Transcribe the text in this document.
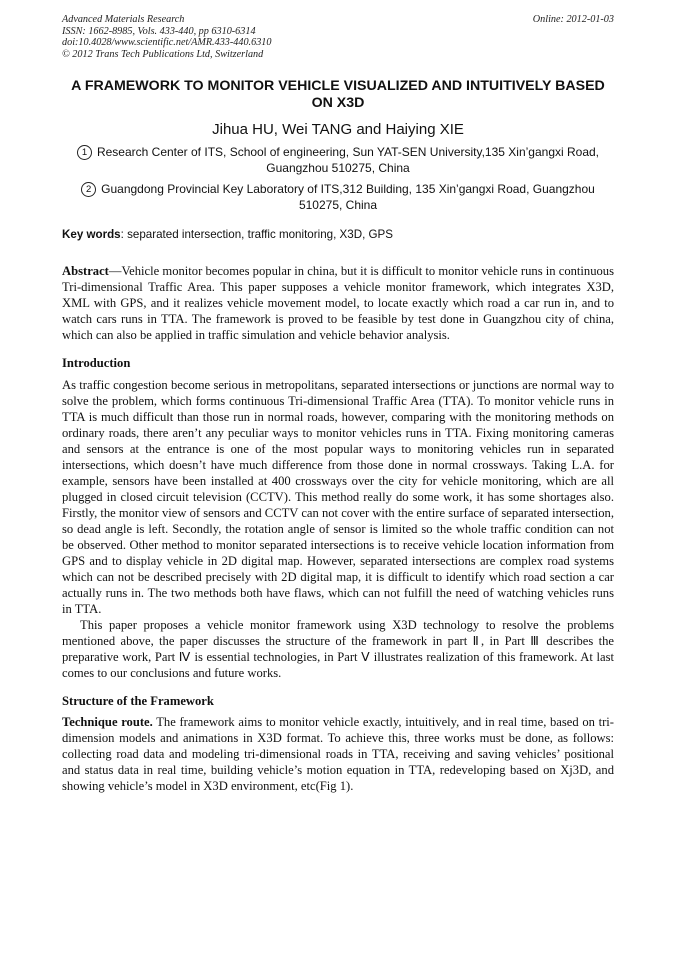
Advanced Materials Research
ISSN: 1662-8985, Vols. 433-440, pp 6310-6314
doi:10.4028/www.scientific.net/AMR.433-440.6310
© 2012 Trans Tech Publications Ltd, Switzerland
Online: 2012-01-03
A FRAMEWORK TO MONITOR VEHICLE VISUALIZED AND INTUITIVELY BASED ON X3D
Jihua HU, Wei TANG and Haiying XIE
1 Research Center of ITS, School of engineering, Sun YAT-SEN University,135 Xin’gangxi Road, Guangzhou 510275, China
2 Guangdong Provincial Key Laboratory of ITS,312 Building, 135 Xin’gangxi Road, Guangzhou 510275, China
Key words: separated intersection, traffic monitoring, X3D, GPS
Abstract—Vehicle monitor becomes popular in china, but it is difficult to monitor vehicle runs in continuous Tri-dimensional Traffic Area. This paper supposes a vehicle monitor framework, which integrates X3D, XML with GPS, and it realizes vehicle movement model, to locate exactly which road a car run in, and to watch cars runs in TTA. The framework is proved to be feasible by test done in Guangzhou city of china, which can also be applied in traffic simulation and vehicle behavior analysis.
Introduction
As traffic congestion become serious in metropolitans, separated intersections or junctions are normal way to solve the problem, which forms continuous Tri-dimensional Traffic Area (TTA). To monitor vehicle runs in TTA is much difficult than those run in normal roads, however, comparing with the monitoring methods on ordinary roads, there aren’t any peculiar ways to monitor vehicles runs in TTA. Fixing monitoring cameras and sensors at the entrance is one of the most popular ways to monitoring vehicles run in separated intersections, which doesn’t have much difference from those done in normal crossways. Taking L.A. for example, sensors have been installed at 400 crossways over the city for vehicle monitoring, which are all plugged in closed circuit television (CCTV). This method really do some work, it has some shortages also. Firstly, the monitor view of sensors and CCTV can not cover with the entire surface of separated intersection, so dead angle is left. Secondly, the rotation angle of sensor is limited so the whole traffic condition can not be observed. Other method to monitor separated intersections is to receive vehicle location information from GPS and to display vehicle in 2D digital map. However, separated intersections are complex road systems which can not be described precisely with 2D digital map, it is difficult to identify which road section a car actually runs in. The two methods both have flaws, which can not fulfill the need of watching vehicles runs in TTA.
This paper proposes a vehicle monitor framework using X3D technology to resolve the problems mentioned above, the paper discusses the structure of the framework in part Ⅱ, in Part Ⅲ describes the preparative work, Part Ⅳ is essential technologies, in Part Ⅴ illustrates realization of this framework. At last comes to our conclusions and future works.
Structure of the Framework
Technique route. The framework aims to monitor vehicle exactly, intuitively, and in real time, based on tri-dimension models and animations in X3D format. To achieve this, three works must be done, as follows: collecting road data and modeling tri-dimensional roads in TTA, receiving and saving vehicles’ positional and status data in real time, building vehicle’s motion equation in TTA, redeveloping based on Xj3D, and showing vehicle’s model in X3D environment, etc(Fig 1).
